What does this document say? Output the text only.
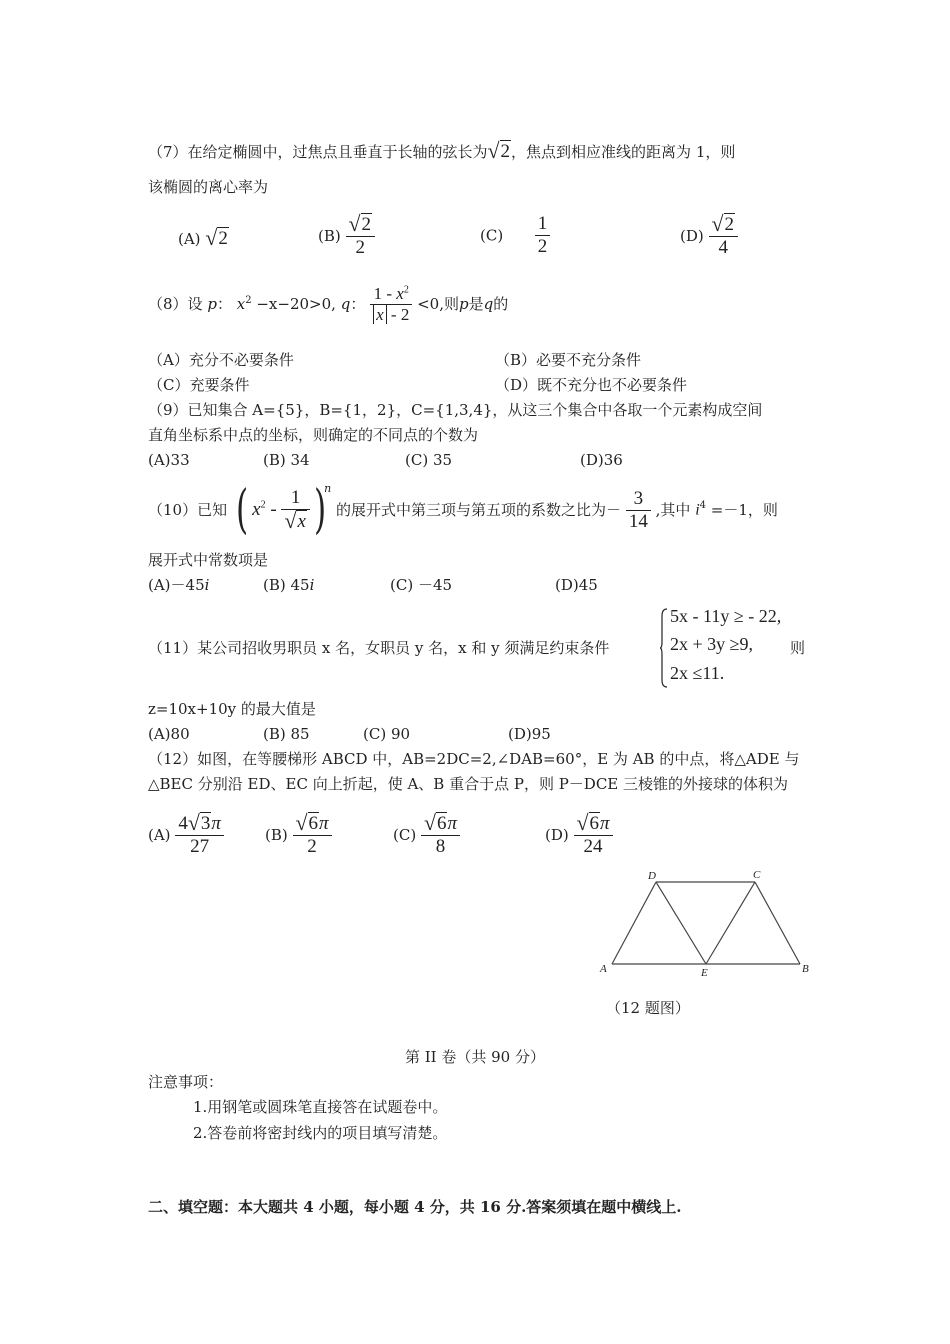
（7）在给定椭圆中，过焦点且垂直于长轴的弦长为√2，焦点到相应准线的距离为 1，则
该椭圆的离心率为
(A) √2	$(B) \frac{√2}{2}$	$(C) \frac{1}{2}$	$(D) \frac{√2}{4}$
（8）设 p： $x^2 -x-20>0$, q： $\frac{1 - x^2}{x - 2} <0$,则p是q的
（A）充分不必要条件	（B）必要不充分条件
（C）充要条件	（D）既不充分也不必要条件
（9）已知集合 A={5}，B={1，2}，C={1,3,4}，从这三个集合中各取一个元素构成空间
直角坐标系中点的坐标，则确定的不同点的个数为
(A)33	(B) 34	(C) 35	(D)36
（10）已知 ( $x^2 - \frac{1}{√x} )^n$ 的展开式中第三项与第五项的系数之比为－ $\frac{3}{14}$ ,其中 $i^4 =-1$，则
展开式中常数项是
(A)－45𝑖	(B) 45𝑖	(C) －45	(D)45
（11）某公司招收男职员 x 名，女职员 y 名，x 和 y 须满足约束条件
5x - 11y ≥ - 22,
2x + 3y ≥9,
2x ≤11.
则
z=10x+10y 的最大值是
(A)80	(B) 85	(C) 90	(D)95
（12）如图，在等腰梯形 ABCD 中，AB=2DC=2,∠DAB=60°，E 为 AB 的中点，将△ADE 与
△BEC 分别沿 ED、EC 向上折起，使 A、B 重合于点 P，则 P－DCE 三棱锥的外接球的体积为
$(A) \frac{4√3\pi}{27}$	$(B) \frac{√6\pi}{2}$	$(C) \frac{√6\pi}{8}$	$(D) \frac{√6\pi}{24}$
A	B
C
D
E
（12 题图）
第 II 卷（共 90 分）
注意事项：
1.用钢笔或圆珠笔直接答在试题卷中。
2.答卷前将密封线内的项目填写清楚。
二、填空题：本大题共 4 小题，每小题 4 分，共 16 分.答案须填在题中横线上.
